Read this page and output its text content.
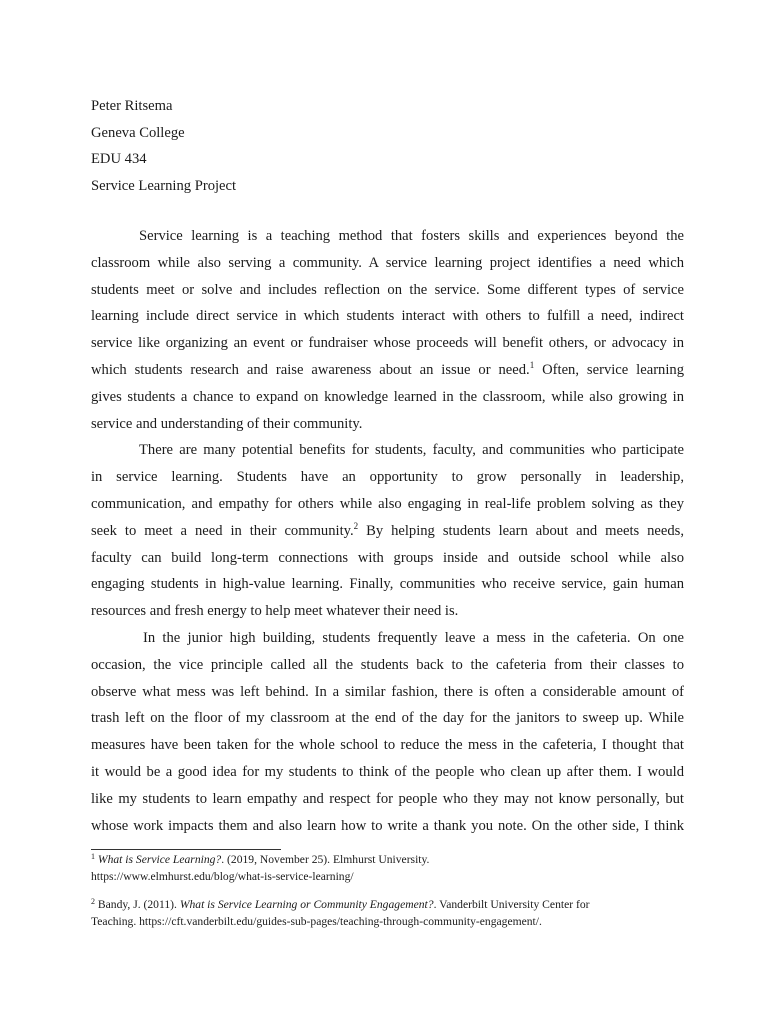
Peter Ritsema
Geneva College
EDU 434
Service Learning Project
Service learning is a teaching method that fosters skills and experiences beyond the
classroom while also serving a community. A service learning project identifies a need which
students meet or solve and includes reflection on the service. Some different types of service
learning include direct service in which students interact with others to fulfill a need, indirect
service like organizing an event or fundraiser whose proceeds will benefit others, or advocacy in
which students research and raise awareness about an issue or need.$^1$ Often, service learning
gives students a chance to expand on knowledge learned in the classroom, while also growing in
service and understanding of their community.
There are many potential benefits for students, faculty, and communities who participate
in service learning. Students have an opportunity to grow personally in leadership,
communication, and empathy for others while also engaging in real-life problem solving as they
seek to meet a need in their community.$^2$ By helping students learn about and meets needs,
faculty can build long-term connections with groups inside and outside school while also
engaging students in high-value learning. Finally, communities who receive service, gain human
resources and fresh energy to help meet whatever their need is.
In the junior high building, students frequently leave a mess in the cafeteria. On one
occasion, the vice principle called all the students back to the cafeteria from their classes to
observe what mess was left behind. In a similar fashion, there is often a considerable amount of
trash left on the floor of my classroom at the end of the day for the janitors to sweep up. While
measures have been taken for the whole school to reduce the mess in the cafeteria, I thought that
it would be a good idea for my students to think of the people who clean up after them. I would
like my students to learn empathy and respect for people who they may not know personally, but
whose work impacts them and also learn how to write a thank you note. On the other side, I think
$^1$ What is Service Learning?. (2019, November 25). Elmhurst University.
https://www.elmhurst.edu/blog/what-is-service-learning/
$^2$ Bandy, J. (2011). What is Service Learning or Community Engagement?. Vanderbilt University Center for
Teaching. https://cft.vanderbilt.edu/guides-sub-pages/teaching-through-community-engagement/.
